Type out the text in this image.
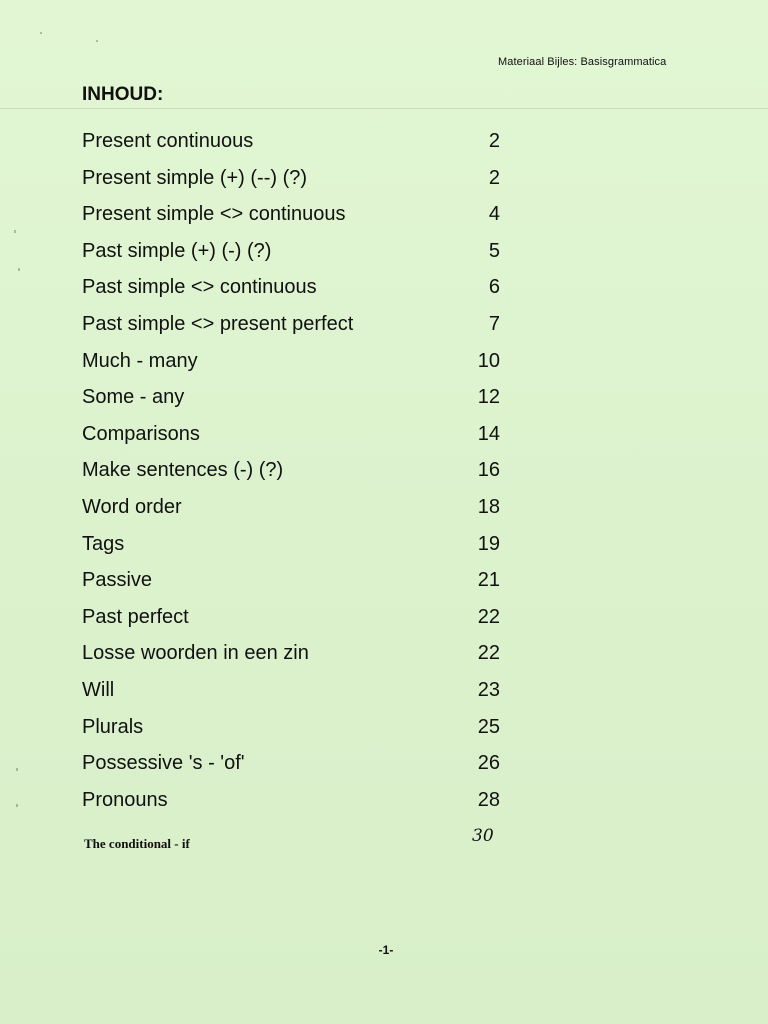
Materiaal Bijles: Basisgrammatica
INHOUD:
Present continuous	2
Present simple (+) (--) (?)	2
Present simple <> continuous	4
Past simple (+) (-) (?)	5
Past simple <> continuous	6
Past simple <> present perfect	7
Much - many	10
Some - any	12
Comparisons	14
Make sentences (-) (?)	16
Word order	18
Tags	19
Passive	21
Past perfect	22
Losse woorden in een zin	22
Will	23
Plurals	25
Possessive 's - 'of'	26
Pronouns	28
The conditional - if	30
-1-
